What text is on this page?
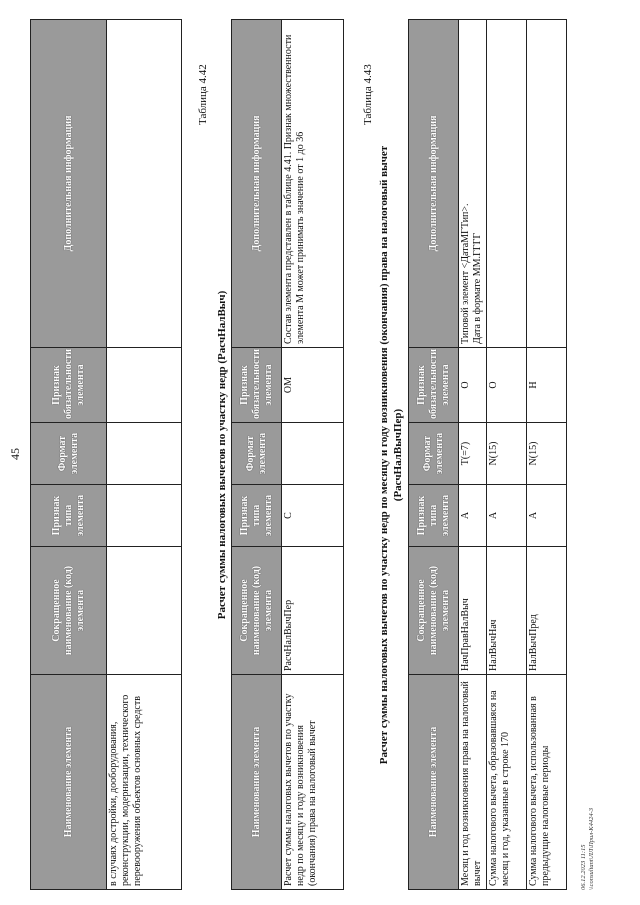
45
Наименование элемента	Сокращенное наименование (код) элемента	Признак типа элемента	Формат элемента	Признак обязательности элемента	Дополнительная информация
в случаях достройки, дооборудования, реконструкции, модернизации, технического перевооружения объектов основных средств					
Таблица 4.42
Расчет суммы налоговых вычетов по участку недр (РасчНалВыч)
Наименование элемента	Сокращенное наименование (код) элемента	Признак типа элемента	Формат элемента	Признак обязательности элемента	Дополнительная информация
Расчет суммы налоговых вычетов по участку недр по месяцу и году возникновения (окончания) права на налоговый вычет	РасчНалВычПер	С		ОМ	Состав элемента представлен в таблице 4.41. Признак множественности элемента М может принимать значение от 1 до 36
Таблица 4.43
Расчет суммы налоговых вычетов по участку недр по месяцу и году возникновения (окончания) права на налоговый вычет (РасчНалВычПер)
Наименование элемента	Сокращенное наименование (код) элемента	Признак типа элемента	Формат элемента	Признак обязательности элемента	Дополнительная информация
Месяц и год возникновения права на налоговый вычет	НачПравНалВыч	А	T(=7)	О	Типовой элемент <ДатаМГТип>. Дата в формате ММ.ГГГГ

Сумма налогового вычета, образовавшаяся на месяц и год, указанные в строке 170	НалВычНач	А	N(15)	О	
Сумма налогового вычета, использованная в предыдущие налоговые периоды	НалВычПред	А	N(15)	Н	
06.12.2023 11:15 \\consultant\ЛЛ\Прил-К4424-3
